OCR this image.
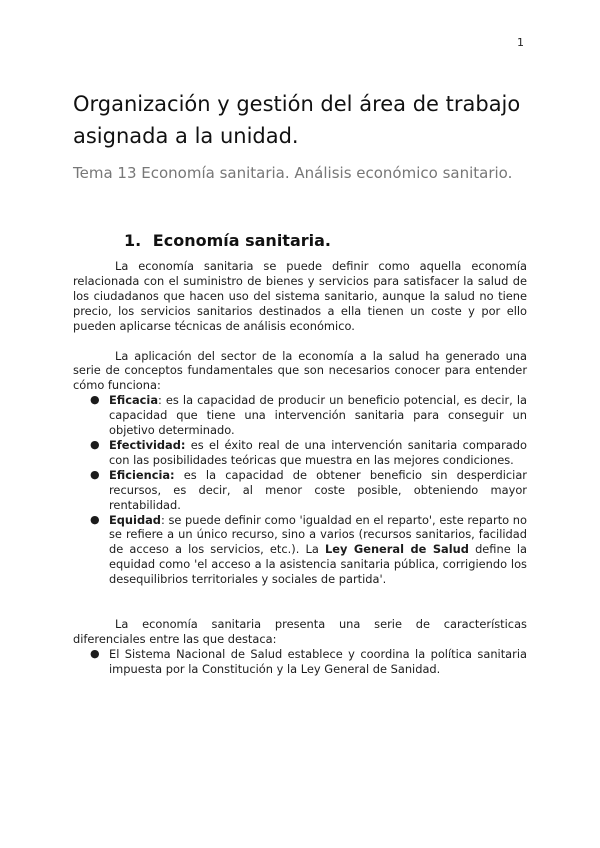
1
Organización y gestión del área de trabajo asignada a la unidad.

Tema 13 Economía sanitaria. Análisis económico sanitario.

1. Economía sanitaria.

La economía sanitaria se puede definir como aquella economía relacionada con el suministro de bienes y servicios para satisfacer la salud de los ciudadanos que hacen uso del sistema sanitario, aunque la salud no tiene precio, los servicios sanitarios destinados a ella tienen un coste y por ello pueden aplicarse técnicas de análisis económico.

La aplicación del sector de la economía a la salud ha generado una serie de conceptos fundamentales que son necesarios conocer para entender cómo funciona:

● Eficacia: es la capacidad de producir un beneficio potencial, es decir, la capacidad que tiene una intervención sanitaria para conseguir un objetivo determinado.
● Efectividad: es el éxito real de una intervención sanitaria comparado con las posibilidades teóricas que muestra en las mejores condiciones.
● Eficiencia: es la capacidad de obtener beneficio sin desperdiciar recursos, es decir, al menor coste posible, obteniendo mayor rentabilidad.
● Equidad: se puede definir como 'igualdad en el reparto', este reparto no se refiere a un único recurso, sino a varios (recursos sanitarios, facilidad de acceso a los servicios, etc.). La Ley General de Salud define la equidad como 'el acceso a la asistencia sanitaria pública, corrigiendo los desequilibrios territoriales y sociales de partida'.

La economía sanitaria presenta una serie de características diferenciales entre las que destaca:

● El Sistema Nacional de Salud establece y coordina la política sanitaria impuesta por la Constitución y la Ley General de Sanidad.
